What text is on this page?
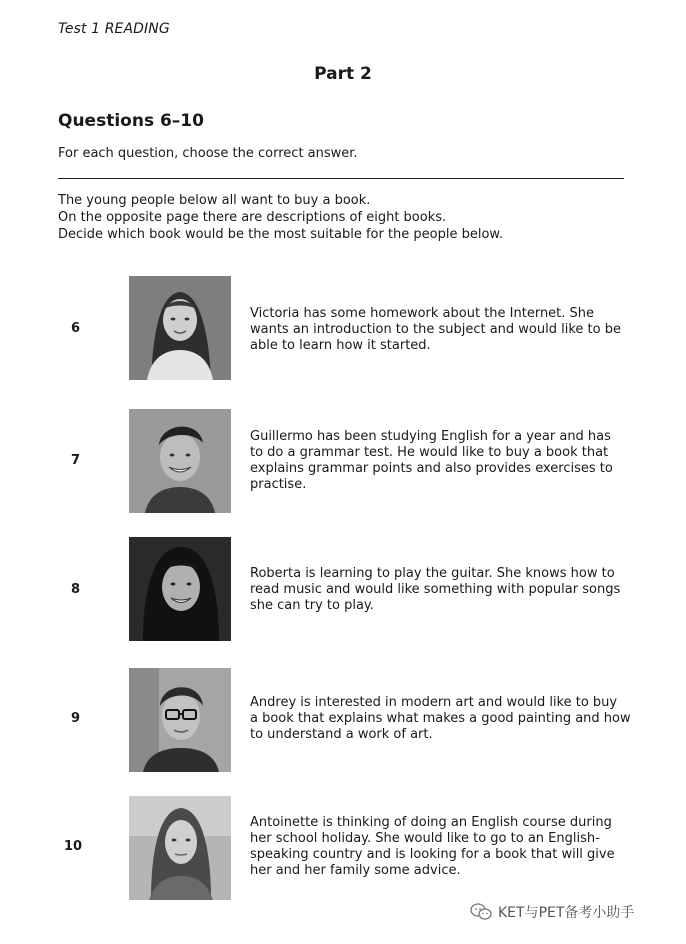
Test 1 READING
Part 2
Questions 6–10
For each question, choose the correct answer.
The young people below all want to buy a book.
On the opposite page there are descriptions of eight books.
Decide which book would be the most suitable for the people below.
6
Victoria has some homework about the Internet. She
wants an introduction to the subject and would like to be
able to learn how it started.
7
Guillermo has been studying English for a year and has
to do a grammar test. He would like to buy a book that
explains grammar points and also provides exercises to
practise.
8
Roberta is learning to play the guitar. She knows how to
read music and would like something with popular songs
she can try to play.
9
Andrey is interested in modern art and would like to buy
a book that explains what makes a good painting and how
to understand a work of art.
10
Antoinette is thinking of doing an English course during
her school holiday. She would like to go to an English-
speaking country and is looking for a book that will give
her and her family some advice.
KET与PET备考小助手
